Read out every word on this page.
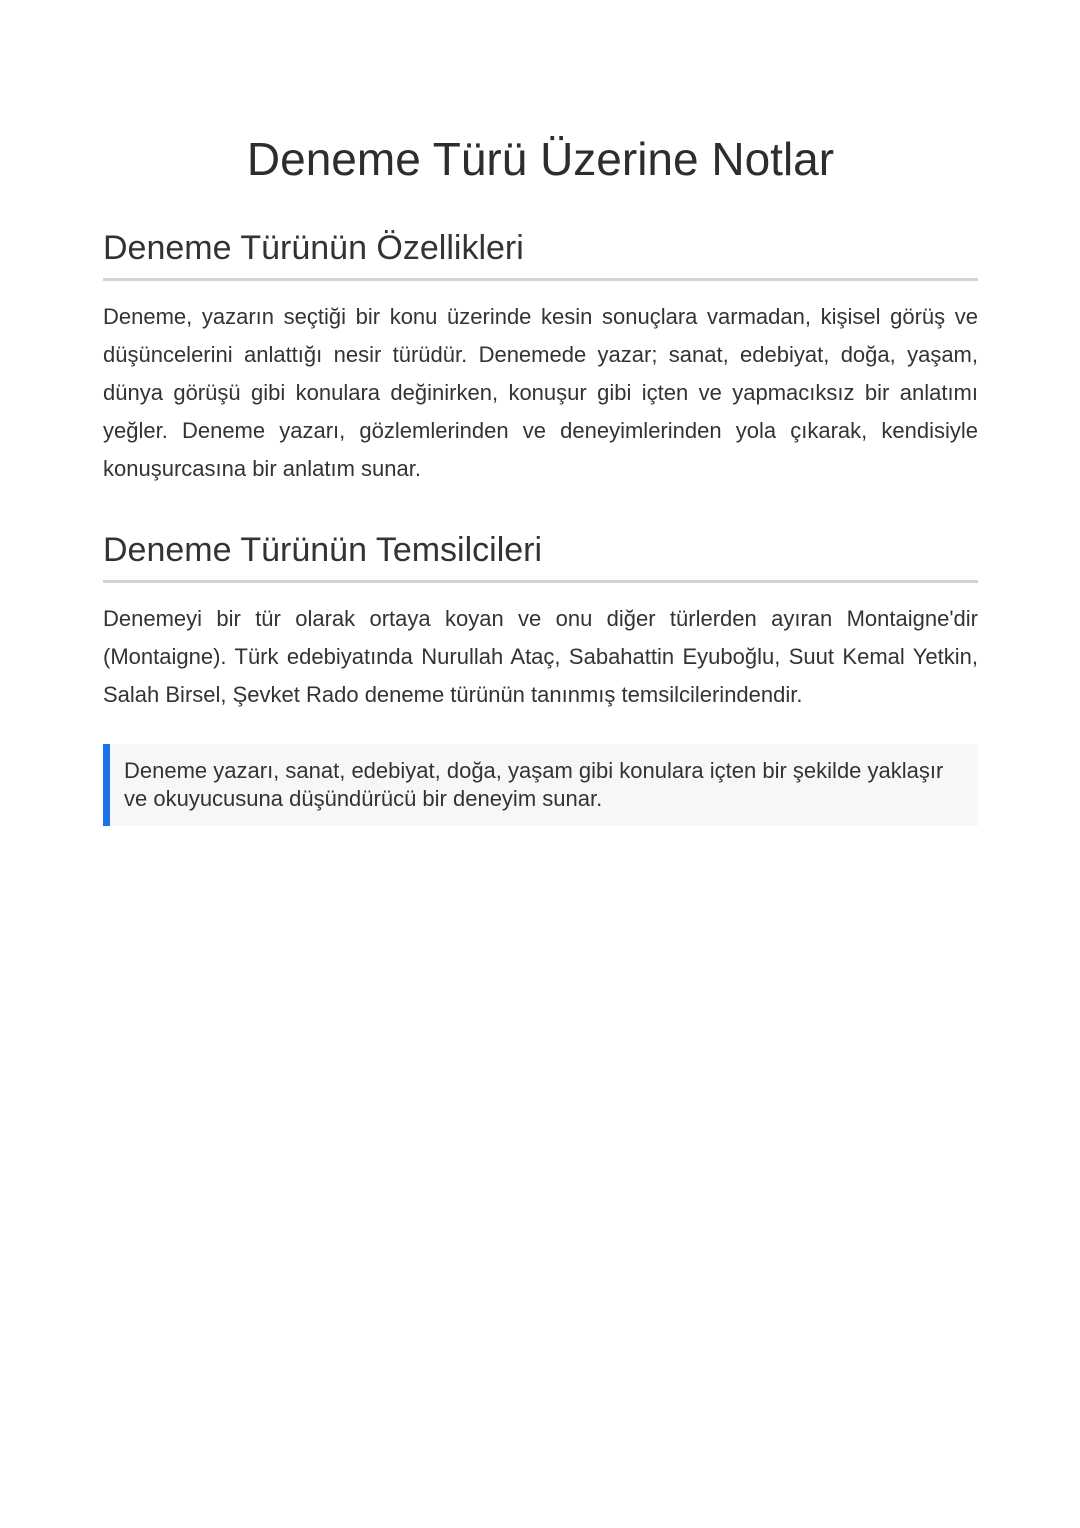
Deneme Türü Üzerine Notlar
Deneme Türünün Özellikleri

Deneme, yazarın seçtiği bir konu üzerinde kesin sonuçlara varmadan, kişisel görüş ve düşüncelerini anlattığı nesir türüdür. Denemede yazar; sanat, edebiyat, doğa, yaşam, dünya görüşü gibi konulara değinirken, konuşur gibi içten ve yapmacıksız bir anlatımı yeğler. Deneme yazarı, gözlemlerinden ve deneyimlerinden yola çıkarak, kendisiyle konuşurcasına bir anlatım sunar.

Deneme Türünün Temsilcileri

Denemeyi bir tür olarak ortaya koyan ve onu diğer türlerden ayıran Montaigne'dir (Montaigne). Türk edebiyatında Nurullah Ataç, Sabahattin Eyuboğlu, Suut Kemal Yetkin, Salah Birsel, Şevket Rado deneme türünün tanınmış temsilcilerindendir.

Deneme yazarı, sanat, edebiyat, doğa, yaşam gibi konulara içten bir şekilde yaklaşır ve okuyucusuna düşündürücü bir deneyim sunar.
